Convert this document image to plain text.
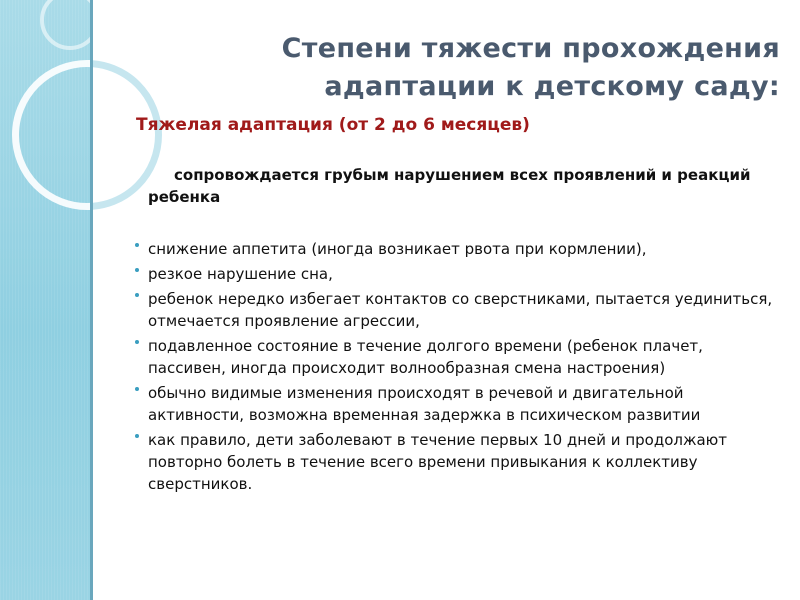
Степени тяжести прохождения адаптации к детскому саду:
Тяжелая адаптация (от 2 до 6 месяцев)
сопровождается грубым нарушением всех проявлений и реакций ребенка
снижение аппетита (иногда возникает рвота при кормлении),
резкое нарушение сна,
ребенок нередко избегает контактов со сверстниками, пытается уединиться, отмечается проявление агрессии,
подавленное состояние в течение долгого времени (ребенок плачет, пассивен, иногда происходит волнообразная смена настроения)
обычно видимые изменения происходят в речевой и двигательной активности, возможна временная задержка в психическом развитии
как правило, дети заболевают в течение первых 10 дней и продолжают повторно болеть в течение всего времени привыкания к коллективу сверстников.
